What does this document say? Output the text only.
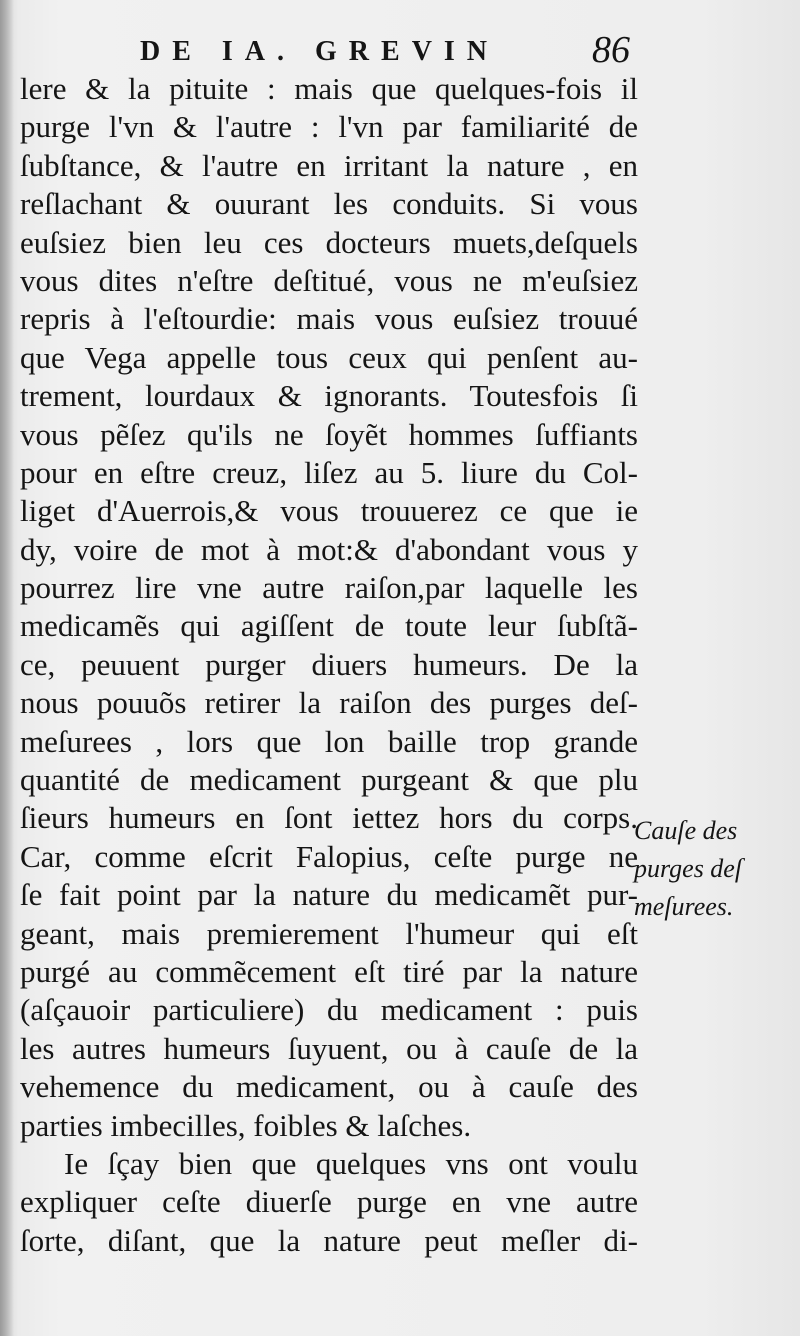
DE IA. GREVIN 86
lere & la pituite : mais que quelques-fois il
purge l'vn & l'autre : l'vn par familiarité de
ſubſtance, & l'autre en irritant la nature , en
reſlachant & ouurant les conduits. Si vous
euſsiez bien leu ces docteurs muets,deſquels
vous dites n'eſtre deſtitué, vous ne m'euſsiez
repris à l'eſtourdie: mais vous euſsiez trouué
que Vega appelle tous ceux qui penſent au-
trement, lourdaux & ignorants. Toutesfois ſi
vous pẽſez qu'ils ne ſoyẽt hommes ſuffiants
pour en eſtre creuz, liſez au 5. liure du Col-
liget d'Auerrois,& vous trouuerez ce que ie
dy, voire de mot à mot:& d'abondant vous y
pourrez lire vne autre raiſon,par laquelle les
medicamẽs qui agiſſent de toute leur ſubſtã-
ce, peuuent purger diuers humeurs. De la
nous pouuõs retirer la raiſon des purges deſ-
meſurees , lors que lon baille trop grande
quantité de medicament purgeant & que plu
ſieurs humeurs en ſont iettez hors du corps.
Car, comme eſcrit Falopius, ceſte purge ne
ſe fait point par la nature du medicamẽt pur-
geant, mais premierement l'humeur qui eſt
purgé au commẽcement eſt tiré par la nature
(aſçauoir particuliere) du medicament : puis
les autres humeurs ſuyuent, ou à cauſe de la
vehemence du medicament, ou à cauſe des
parties imbecilles, foibles & laſches.
Ie ſçay bien que quelques vns ont voulu
expliquer ceſte diuerſe purge en vne autre
ſorte, diſant, que la nature peut meſler di-
Cauſe des
purges deſ
meſurees.
